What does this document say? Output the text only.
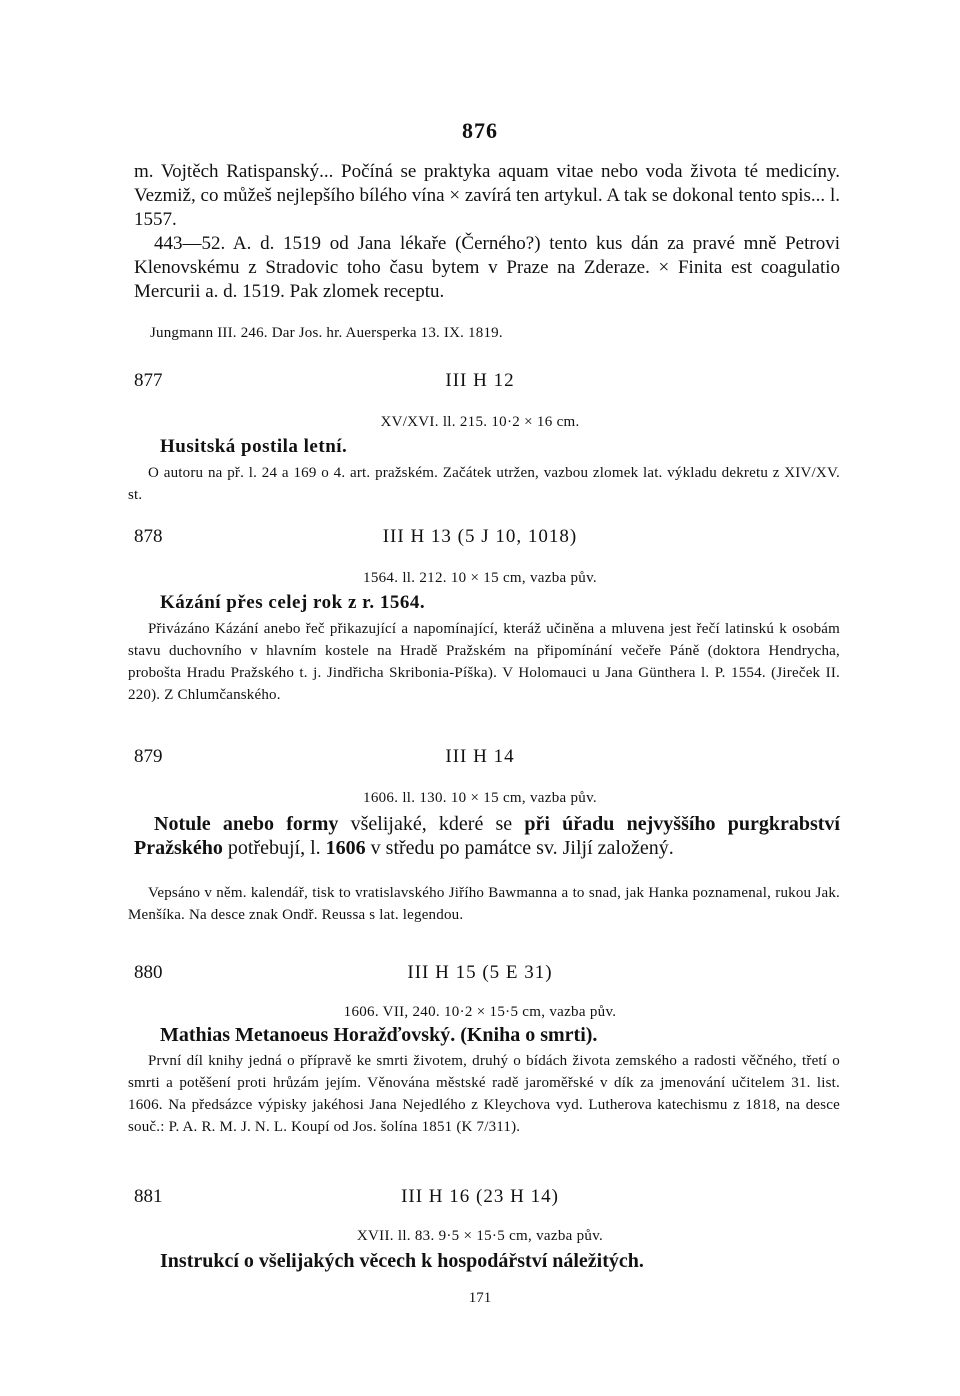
876
m. Vojtěch Ratispanský... Počíná se praktyka aquam vitae nebo voda života té medicíny. Vezmiž, co můžeš nejlepšího bílého vína × zavírá ten artykul. A tak se dokonal tento spis... l. 1557.
443—52. A. d. 1519 od Jana lékaře (Černého?) tento kus dán za pravé mně Petrovi Klenovskému z Stradovic toho času bytem v Praze na Zderaze. × Finita est coagulatio Mercurii a. d. 1519. Pak zlomek receptu.
Jungmann III. 246. Dar Jos. hr. Auersperka 13. IX. 1819.
877	III H 12
XV/XVI. ll. 215. 10·2 × 16 cm.
Husitská postila letní.
O autoru na př. l. 24 a 169 o 4. art. pražském. Začátek utržen, vazbou zlomek lat. výkladu dekretu z XIV/XV. st.
878	III H 13 (5 J 10, 1018)
1564. ll. 212. 10 × 15 cm, vazba pův.
Kázání přes celej rok z r. 1564.
Přivázáno Kázání anebo řeč přikazující a napomínající, kteráž učiněna a mluvena jest řečí latinskú k osobám stavu duchovního v hlavním kostele na Hradě Pražském na připomínání večeře Páně (doktora Hendrycha, probošta Hradu Pražského t. j. Jindřicha Skribonia-Píška). V Holomauci u Jana Günthera l. P. 1554. (Jireček II. 220). Z Chlumčanského.
879	III H 14
1606. ll. 130. 10 × 15 cm, vazba pův.
Notule anebo formy všelijaké, kderé se při úřadu nejvyššího purgkrabství Pražského potřebují, l. 1606 v středu po památce sv. Jiljí založený.
Vepsáno v něm. kalendář, tisk to vratislavského Jiřího Bawmanna a to snad, jak Hanka poznamenal, rukou Jak. Menšíka. Na desce znak Ondř. Reussa s lat. legendou.
880	III H 15 (5 E 31)
1606. VII, 240. 10·2 × 15·5 cm, vazba pův.
Mathias Metanoeus Horažďovský. (Kniha o smrti).
První díl knihy jedná o přípravě ke smrti životem, druhý o bídách života zemského a radosti věčného, třetí o smrti a potěšení proti hrůzám jejím. Věnována městské radě jaroměřské v dík za jmenování učitelem 31. list. 1606. Na předsázce výpisky jakéhosi Jana Nejedlého z Kleychova vyd. Lutherova katechismu z 1818, na desce souč.: P. A. R. M. J. N. L. Koupí od Jos. šolína 1851 (K 7/311).
881	III H 16 (23 H 14)
XVII. ll. 83. 9·5 × 15·5 cm, vazba pův.
Instrukcí o všelijakých věcech k hospodářství náležitých.
171
